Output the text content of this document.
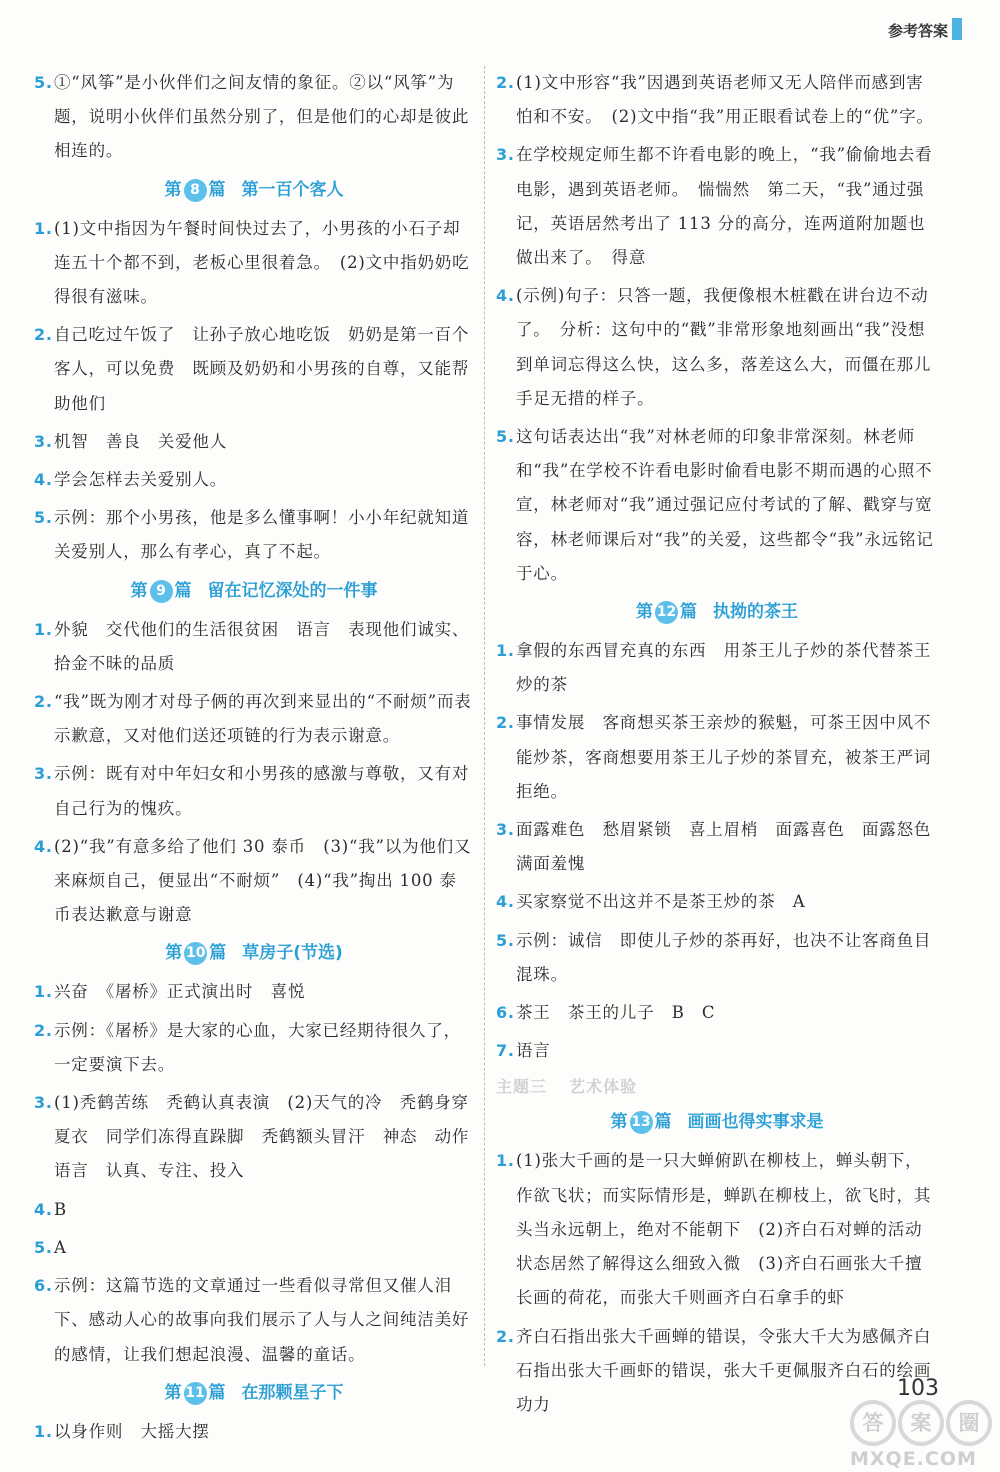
参考答案
5. ①“风筝”是小伙伴们之间友情的象征。②以“风筝”为题，说明小伙伴们虽然分别了，但是他们的心却是彼此相连的。
第 8 篇 第一百个客人
1. (1)文中指因为午餐时间快过去了，小男孩的小石子却连五十个都不到，老板心里很着急。　(2)文中指奶奶吃得很有滋味。
2. 自己吃过午饭了　让孙子放心地吃饭　奶奶是第一百个客人，可以免费　既顾及奶奶和小男孩的自尊，又能帮助他们
3. 机智　善良　关爱他人
4. 学会怎样去关爱别人。
5. 示例：那个小男孩，他是多么懂事啊！小小年纪就知道关爱别人，那么有孝心，真了不起。
第 9 篇 留在记忆深处的一件事
1. 外貌　交代他们的生活很贫困　语言　表现他们诚实、拾金不昧的品质
2. “我”既为刚才对母子俩的再次到来显出的“不耐烦”而表示歉意，又对他们送还项链的行为表示谢意。
3. 示例：既有对中年妇女和小男孩的感激与尊敬，又有对自己行为的愧疚。
4. (2)“我”有意多给了他们 30 泰币　(3)“我”以为他们又来麻烦自己，便显出“不耐烦”　(4)“我”掏出 100 泰币表达歉意与谢意
第 10 篇 草房子(节选)
1. 兴奋　《屠桥》正式演出时　喜悦
2. 示例：《屠桥》是大家的心血，大家已经期待很久了，一定要演下去。
3. (1)秃鹤苦练　秃鹤认真表演　(2)天气的冷　秃鹤身穿夏衣　同学们冻得直跺脚　秃鹤额头冒汗　神态　动作　语言　认真、专注、投入
4. B
5. A
6. 示例：这篇节选的文章通过一些看似寻常但又催人泪下、感动人心的故事向我们展示了人与人之间纯洁美好的感情，让我们想起浪漫、温馨的童话。
第 11 篇 在那颗星子下
1. 以身作则　大摇大摆
2. (1)文中形容“我”因遇到英语老师又无人陪伴而感到害怕和不安。　(2)文中指“我”用正眼看试卷上的“优”字。
3. 在学校规定师生都不许看电影的晚上，“我”偷偷地去看电影，遇到英语老师。　惴惴然　第二天，“我”通过强记，英语居然考出了 113 分的高分，连两道附加题也做出来了。　得意
4. (示例)句子：只答一题，我便像根木桩戳在讲台边不动了。　分析：这句中的“戳”非常形象地刻画出“我”没想到单词忘得这么快，这么多，落差这么大，而僵在那儿手足无措的样子。
5. 这句话表达出“我”对林老师的印象非常深刻。林老师和“我”在学校不许看电影时偷看电影不期而遇的心照不宣，林老师对“我”通过强记应付考试的了解、戳穿与宽容，林老师课后对“我”的关爱，这些都令“我”永远铭记于心。
第 12 篇 执拗的茶王
1. 拿假的东西冒充真的东西　用茶王儿子炒的茶代替茶王炒的茶
2. 事情发展　客商想买茶王亲炒的猴魁，可茶王因中风不能炒茶，客商想要用茶王儿子炒的茶冒充，被茶王严词拒绝。
3. 面露难色　愁眉紧锁　喜上眉梢　面露喜色　面露怒色　满面羞愧
4. 买家察觉不出这并不是茶王炒的茶　A
5. 示例：诚信　即使儿子炒的茶再好，也决不让客商鱼目混珠。
6. 茶王　茶王的儿子　B　C
7. 语言
主题三 艺术体验
第 13 篇 画画也得实事求是
1. (1)张大千画的是一只大蝉俯趴在柳枝上，蝉头朝下，作欲飞状；而实际情形是，蝉趴在柳枝上，欲飞时，其头当永远朝上，绝对不能朝下　(2)齐白石对蝉的活动状态居然了解得这么细致入微　(3)齐白石画张大千擅长画的荷花，而张大千则画齐白石拿手的虾
2. 齐白石指出张大千画蝉的错误，令张大千大为感佩齐白石指出张大千画虾的错误，张大千更佩服齐白石的绘画功力
103
答	案	圈
MXQE.COM
